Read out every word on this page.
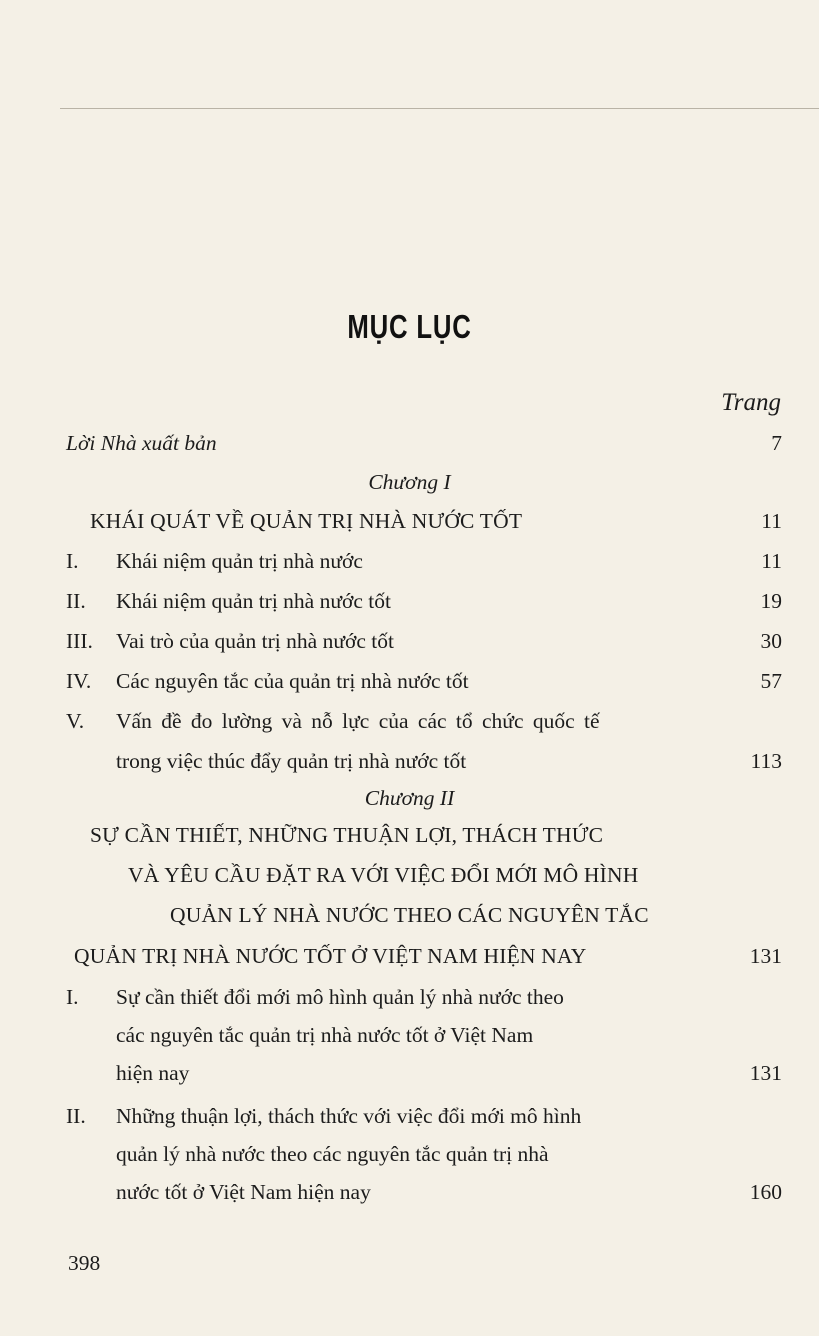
MỤC LỤC
Trang
Lời Nhà xuất bản	7
Chương I
KHÁI QUÁT VỀ QUẢN TRỊ NHÀ NƯỚC TỐT	11
I. Khái niệm quản trị nhà nước	11
II. Khái niệm quản trị nhà nước tốt	19
III. Vai trò của quản trị nhà nước tốt	30
IV. Các nguyên tắc của quản trị nhà nước tốt	57
V. Vấn đề đo lường và nỗ lực của các tổ chức quốc tế
trong việc thúc đẩy quản trị nhà nước tốt	113
Chương II
SỰ CẦN THIẾT, NHỮNG THUẬN LỢI, THÁCH THỨC
VÀ YÊU CẦU ĐẶT RA VỚI VIỆC ĐỔI MỚI MÔ HÌNH
QUẢN LÝ NHÀ NƯỚC THEO CÁC NGUYÊN TẮC
QUẢN TRỊ NHÀ NƯỚC TỐT Ở VIỆT NAM HIỆN NAY	131
I. Sự cần thiết đổi mới mô hình quản lý nhà nước theo
các nguyên tắc quản trị nhà nước tốt ở Việt Nam
hiện nay	131
II. Những thuận lợi, thách thức với việc đổi mới mô hình
quản lý nhà nước theo các nguyên tắc quản trị nhà
nước tốt ở Việt Nam hiện nay	160
398
